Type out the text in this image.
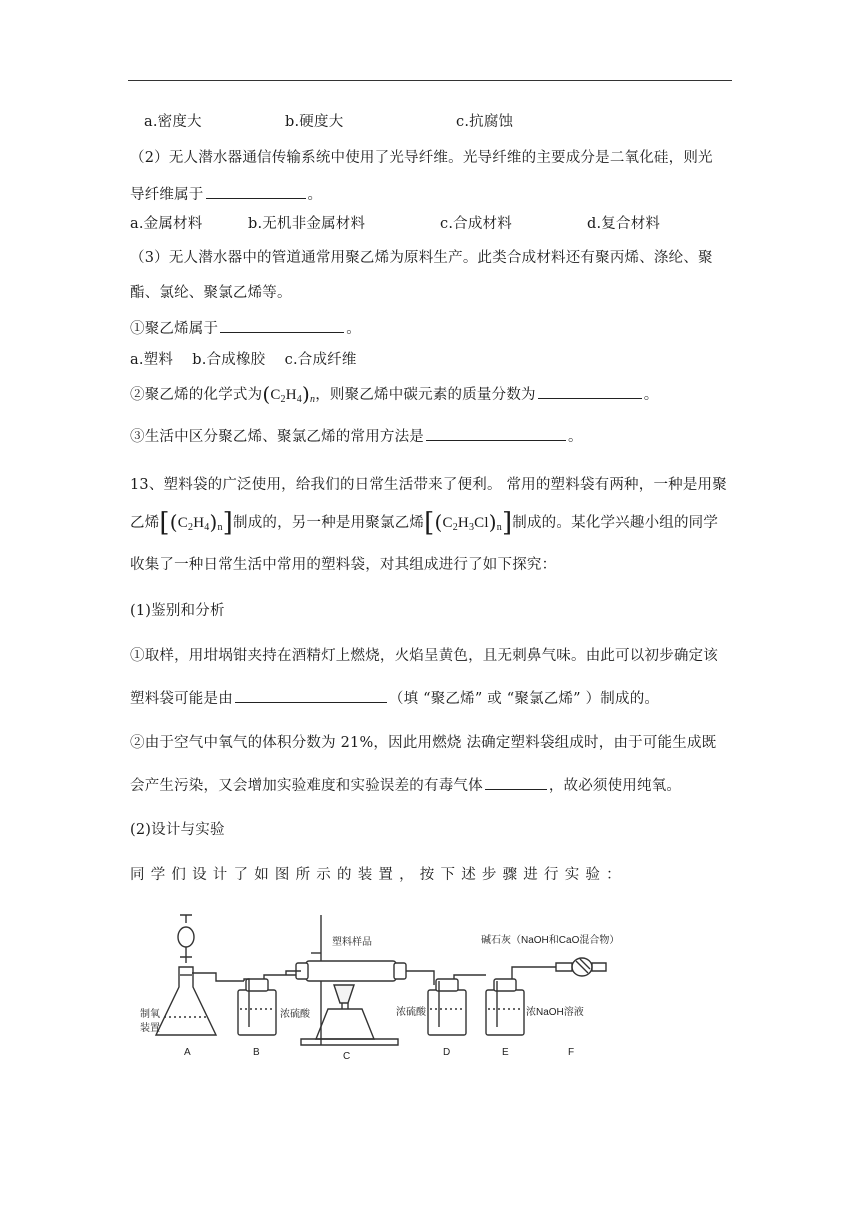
a.密度大	b.硬度大	c.抗腐蚀
（2）无人潜水器通信传输系统中使用了光导纤维。光导纤维的主要成分是二氧化硅，则光
导纤维属于	。
a.金属材料	b.无机非金属材料	c.合成材料	d.复合材料
（3）无人潜水器中的管道通常用聚乙烯为原料生产。此类合成材料还有聚丙烯、涤纶、聚
酯、氯纶、聚氯乙烯等。
①聚乙烯属于	。
a.塑料    b.合成橡胶    c.合成纤维
②聚乙烯的化学式为$(C_2H_4)_n$，则聚乙烯中碳元素的质量分数为	。
③生活中区分聚乙烯、聚氯乙烯的常用方法是	。
13、塑料袋的广泛使用，给我们的日常生活带来了便利。 常用的塑料袋有两种，一种是用聚
乙烯$[(C_2H_4)_n]$制成的，另一种是用聚氯乙烯$[(C_2H_3Cl)_n]$制成的。某化学兴趣小组的同学
收集了一种日常生活中常用的塑料袋，对其组成进行了如下探究：
(1)鉴别和分析
①取样，用坩埚钳夹持在酒精灯上燃烧，火焰呈黄色，且无刺鼻气味。由此可以初步确定该
塑料袋可能是由	（填 “聚乙烯” 或 “聚氯乙烯” ）制成的。
②由于空气中氧气的体积分数为 21%，因此用燃烧 法确定塑料袋组成时，由于可能生成既
会产生污染，又会增加实验难度和实验误差的有毒气体	，故必须使用纯氧。
(2)设计与实验
同学们设计了如图所示的装置，按下述步骤进行实验：
塑料样品	碱石灰（NaOH和CaO混合物）
制氧
装置
浓硫酸	浓硫酸	浓NaOH溶液
A	B	C	D	E	F
